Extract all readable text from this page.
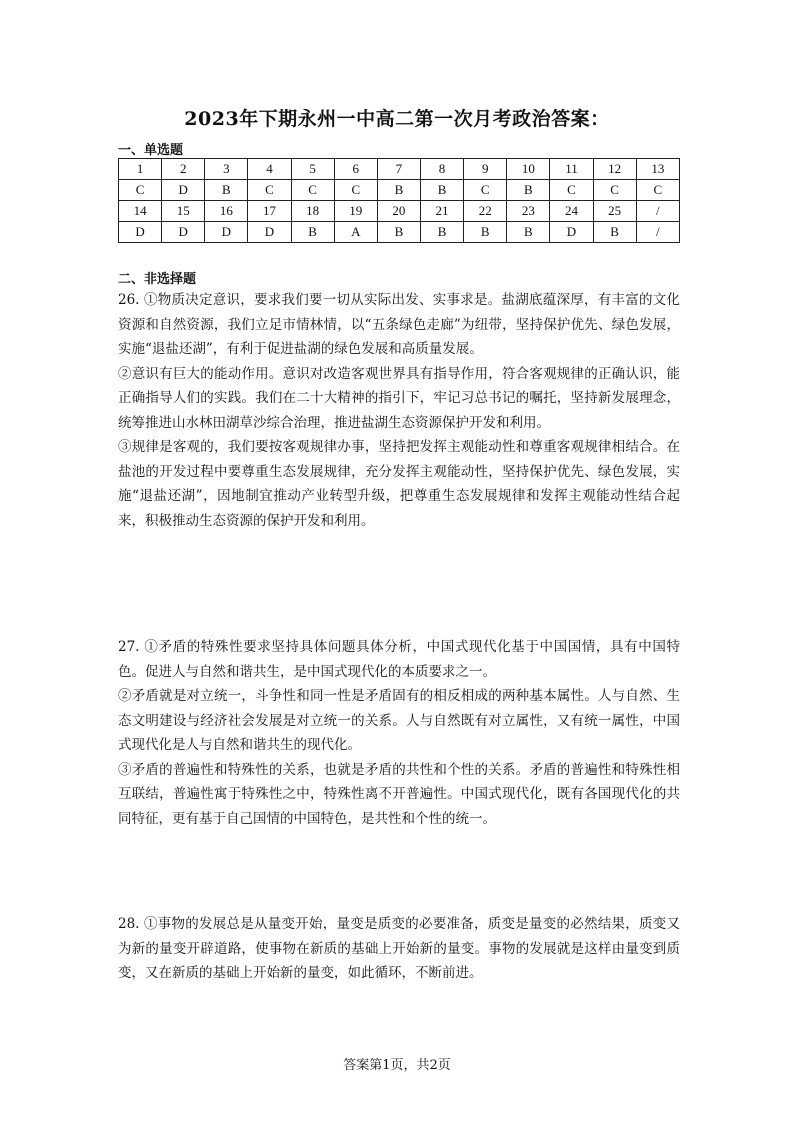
2023年下期永州一中高二第一次月考政治答案：
一、单选题
1	2	3	4	5	6	7	8	9	10	11	12	13
C	D	B	C	C	C	B	B	C	B	C	C	C
14	15	16	17	18	19	20	21	22	23	24	25	/
D	D	D	D	B	A	B	B	B	B	D	B	/
二、非选择题

26. ①物质决定意识，要求我们要一切从实际出发、实事求是。盐湖底蕴深厚，有丰富的文化资源和自然资源，我们立足市情林情，以“五条绿色走廊”为纽带，坚持保护优先、绿色发展，实施“退盐还湖”，有利于促进盐湖的绿色发展和高质量发展。

②意识有巨大的能动作用。意识对改造客观世界具有指导作用，符合客观规律的正确认识，能正确指导人们的实践。我们在二十大精神的指引下，牢记习总书记的嘱托，坚持新发展理念，统筹推进山水林田湖草沙综合治理，推进盐湖生态资源保护开发和利用。

③规律是客观的，我们要按客观规律办事，坚持把发挥主观能动性和尊重客观规律相结合。在盐池的开发过程中要尊重生态发展规律，充分发挥主观能动性，坚持保护优先、绿色发展，实施“退盐还湖”，因地制宜推动产业转型升级，把尊重生态发展规律和发挥主观能动性结合起来，积极推动生态资源的保护开发和利用。

27. ①矛盾的特殊性要求坚持具体问题具体分析，中国式现代化基于中国国情，具有中国特色。促进人与自然和谐共生，是中国式现代化的本质要求之一。

②矛盾就是对立统一，斗争性和同一性是矛盾固有的相反相成的两种基本属性。人与自然、生态文明建设与经济社会发展是对立统一的关系。人与自然既有对立属性，又有统一属性，中国式现代化是人与自然和谐共生的现代化。

③矛盾的普遍性和特殊性的关系，也就是矛盾的共性和个性的关系。矛盾的普遍性和特殊性相互联结，普遍性寓于特殊性之中，特殊性离不开普遍性。中国式现代化，既有各国现代化的共同特征，更有基于自己国情的中国特色，是共性和个性的统一。

28. ①事物的发展总是从量变开始，量变是质变的必要准备，质变是量变的必然结果，质变又为新的量变开辟道路，使事物在新质的基础上开始新的量变。事物的发展就是这样由量变到质变，又在新质的基础上开始新的量变，如此循环，不断前进。

答案第1页，共2页
